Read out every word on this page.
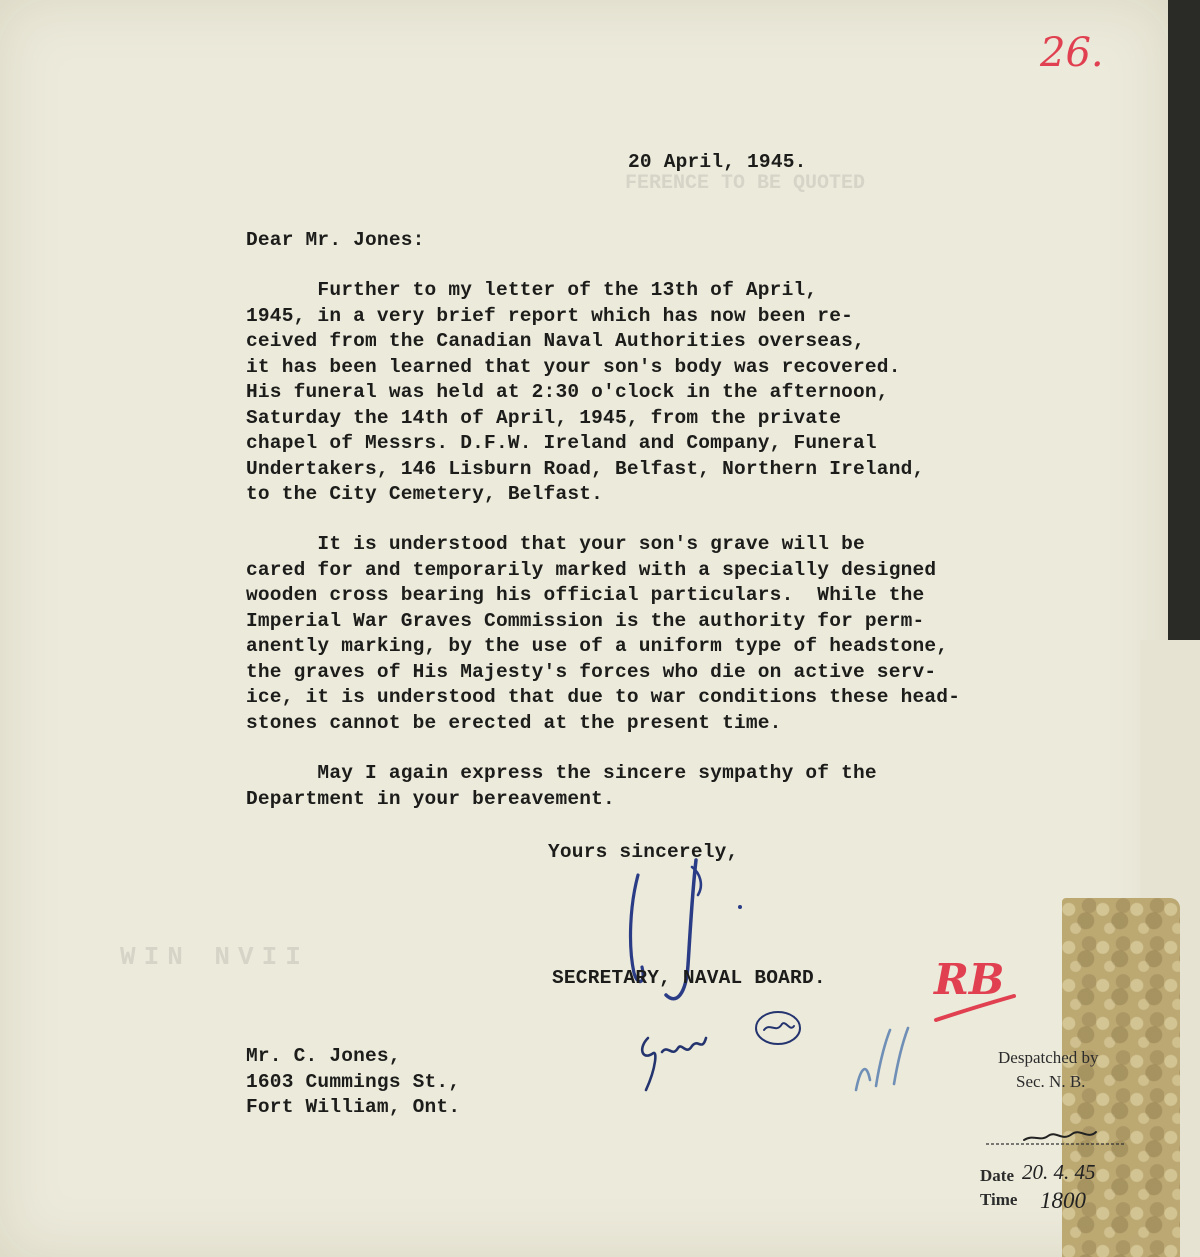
FERENCE TO BE QUOTED
WIN NVII
26.
20 April, 1945.
Dear Mr. Jones:
Further to my letter of the 13th of April,
1945, in a very brief report which has now been re-
ceived from the Canadian Naval Authorities overseas,
it has been learned that your son's body was recovered.
His funeral was held at 2:30 o'clock in the afternoon,
Saturday the 14th of April, 1945, from the private
chapel of Messrs. D.F.W. Ireland and Company, Funeral
Undertakers, 146 Lisburn Road, Belfast, Northern Ireland,
to the City Cemetery, Belfast.
It is understood that your son's grave will be
cared for and temporarily marked with a specially designed
wooden cross bearing his official particulars.  While the
Imperial War Graves Commission is the authority for perm-
anently marking, by the use of a uniform type of headstone,
the graves of His Majesty's forces who die on active serv-
ice, it is understood that due to war conditions these head-
stones cannot be erected at the present time.
May I again express the sincere sympathy of the
Department in your bereavement.
Yours sincerely,
SECRETARY, NAVAL BOARD.	RB
Mr. C. Jones,
1603 Cummings St.,
Fort William, Ont.
Despatched by
Sec. N. B.
Date 20. 4. 45
Time 1800
